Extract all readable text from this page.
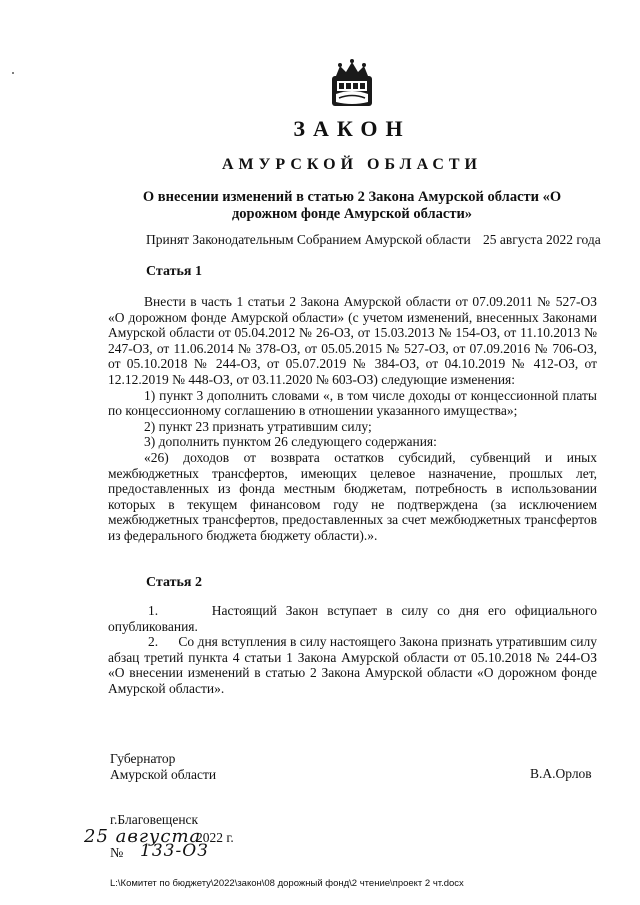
ЗАКОН
АМУРСКОЙ ОБЛАСТИ
О внесении изменений в статью 2 Закона Амурской области «О дорожном фонде Амурской области»
Принят Законодательным Собранием Амурской области 25 августа 2022 года
Статья 1

Внести в часть 1 статьи 2 Закона Амурской области от 07.09.2011 № 527-ОЗ «О дорожном фонде Амурской области» (с учетом изменений, внесенных Законами Амурской области от 05.04.2012 № 26-ОЗ, от 15.03.2013 № 154-ОЗ, от 11.10.2013 № 247-ОЗ, от 11.06.2014 № 378-ОЗ, от 05.05.2015 № 527-ОЗ, от 07.09.2016 № 706-ОЗ, от 05.10.2018 № 244-ОЗ, от 05.07.2019 № 384-ОЗ, от 04.10.2019 № 412-ОЗ, от 12.12.2019 № 448-ОЗ, от 03.11.2020 № 603-ОЗ) следующие изменения:

1) пункт 3 дополнить словами «, в том числе доходы от концессионной платы по концессионному соглашению в отношении указанного имущества»;

2) пункт 23 признать утратившим силу;

3) дополнить пунктом 26 следующего содержания:

«26) доходов от возврата остатков субсидий, субвенций и иных межбюджетных трансфертов, имеющих целевое назначение, прошлых лет, предоставленных из фонда местным бюджетам, потребность в использовании которых в текущем финансовом году не подтверждена (за исключением межбюджетных трансфертов, предоставленных за счет межбюджетных трансфертов из федерального бюджета бюджету области).».

Статья 2

1.      Настоящий Закон вступает в силу со дня его официального опубликования.

2.      Со дня вступления в силу настоящего Закона признать утратившим силу абзац третий пункта 4 статьи 1 Закона Амурской области от 05.10.2018 № 244-ОЗ «О внесении изменений в статью 2 Закона Амурской области «О дорожном фонде Амурской области».

Губернатор
Амурской области	В.А.Орлов
г.Благовещенск
25 августа
2022 г.
№ 133-ОЗ
L:\Комитет по бюджету\2022\закон\08 дорожный фонд\2 чтение\проект 2 чт.docx
